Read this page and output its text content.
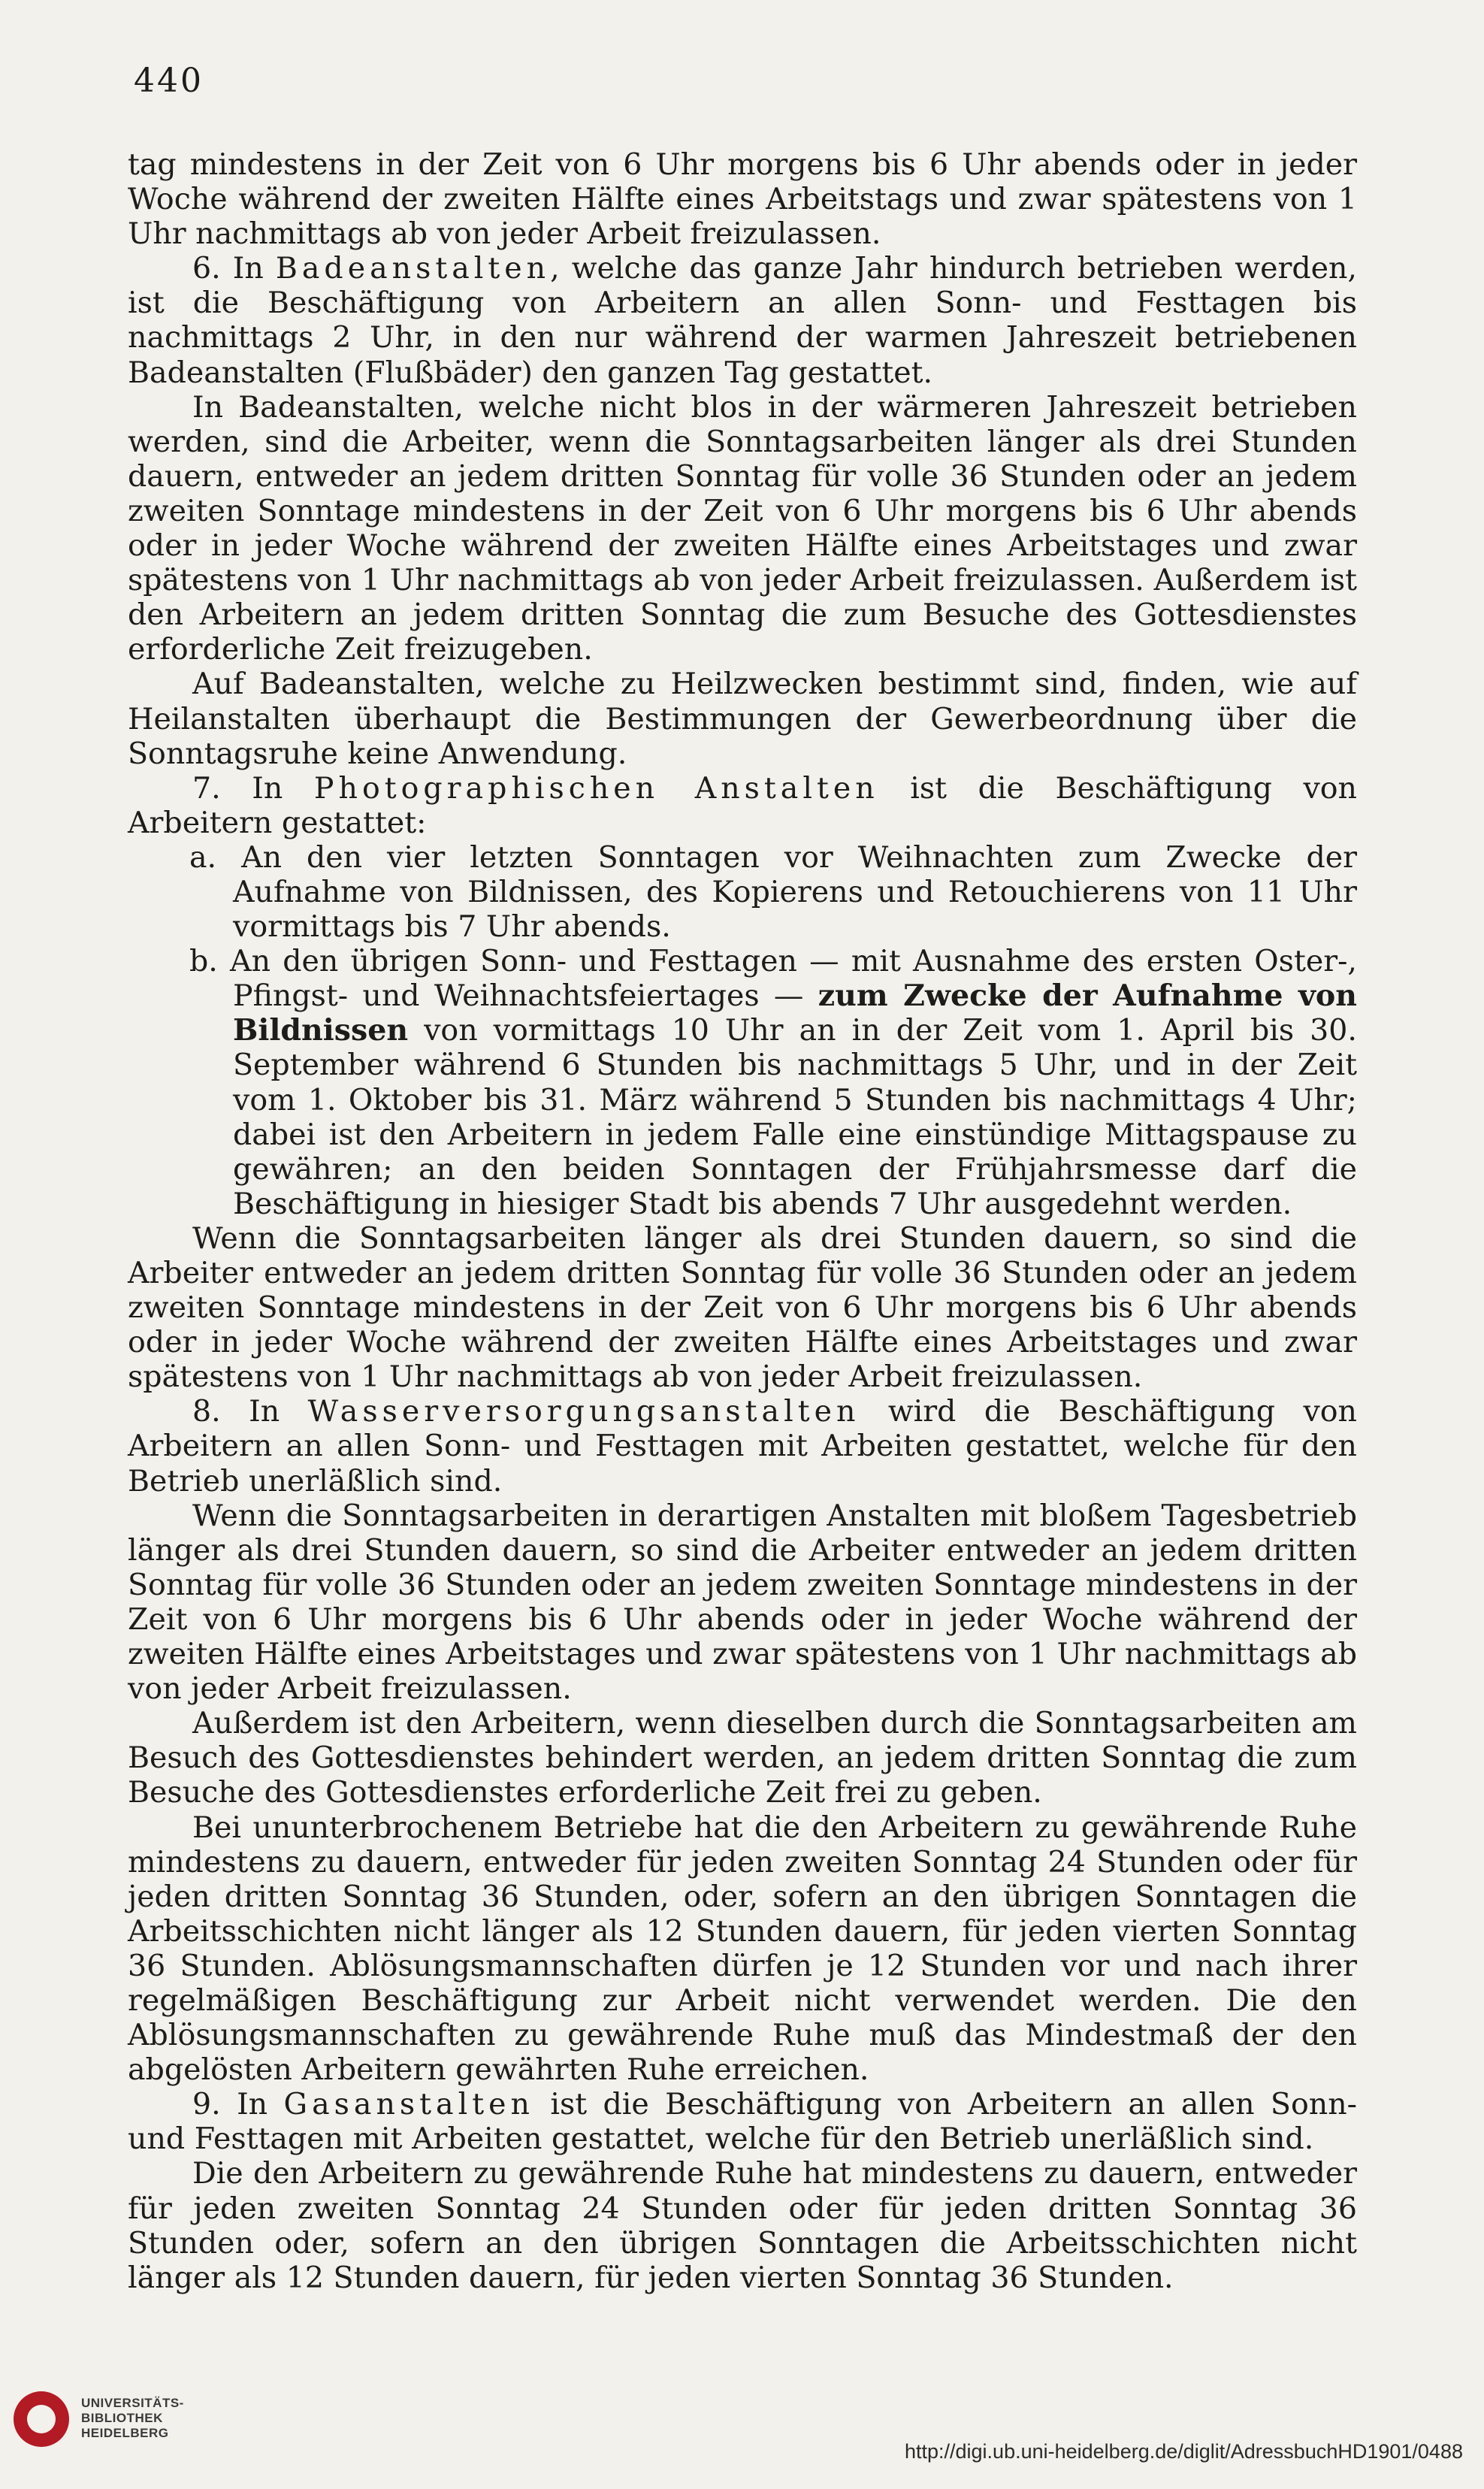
440

tag mindestens in der Zeit von 6 Uhr morgens bis 6 Uhr abends oder in jeder Woche während der zweiten Hälfte eines Arbeitstags und zwar spätestens von 1 Uhr nachmittags ab von jeder Arbeit freizulassen.

6. In Badeanstalten, welche das ganze Jahr hindurch betrieben werden, ist die Beschäftigung von Arbeitern an allen Sonn- und Festtagen bis nachmittags 2 Uhr, in den nur während der warmen Jahreszeit betriebenen Badeanstalten (Flußbäder) den ganzen Tag gestattet.

In Badeanstalten, welche nicht blos in der wärmeren Jahreszeit betrieben werden, sind die Arbeiter, wenn die Sonntagsarbeiten länger als drei Stunden dauern, entweder an jedem dritten Sonntag für volle 36 Stunden oder an jedem zweiten Sonntage mindestens in der Zeit von 6 Uhr morgens bis 6 Uhr abends oder in jeder Woche während der zweiten Hälfte eines Arbeitstages und zwar spätestens von 1 Uhr nachmittags ab von jeder Arbeit freizulassen. Außerdem ist den Arbeitern an jedem dritten Sonntag die zum Besuche des Gottesdienstes erforderliche Zeit freizugeben.

Auf Badeanstalten, welche zu Heilzwecken bestimmt sind, finden, wie auf Heilanstalten überhaupt die Bestimmungen der Gewerbeordnung über die Sonntagsruhe keine Anwendung.

7. In Photographischen Anstalten ist die Beschäftigung von Arbeitern gestattet:

a. An den vier letzten Sonntagen vor Weihnachten zum Zwecke der Aufnahme von Bildnissen, des Kopierens und Retouchierens von 11 Uhr vormittags bis 7 Uhr abends.

b. An den übrigen Sonn- und Festtagen — mit Ausnahme des ersten Oster-, Pfingst- und Weihnachtsfeiertages — zum Zwecke der Aufnahme von Bildnissen von vormittags 10 Uhr an in der Zeit vom 1. April bis 30. September während 6 Stunden bis nachmittags 5 Uhr, und in der Zeit vom 1. Oktober bis 31. März während 5 Stunden bis nachmittags 4 Uhr; dabei ist den Arbeitern in jedem Falle eine einstündige Mittagspause zu gewähren; an den beiden Sonntagen der Frühjahrsmesse darf die Beschäftigung in hiesiger Stadt bis abends 7 Uhr ausgedehnt werden.

Wenn die Sonntagsarbeiten länger als drei Stunden dauern, so sind die Arbeiter entweder an jedem dritten Sonntag für volle 36 Stunden oder an jedem zweiten Sonntage mindestens in der Zeit von 6 Uhr morgens bis 6 Uhr abends oder in jeder Woche während der zweiten Hälfte eines Arbeitstages und zwar spätestens von 1 Uhr nachmittags ab von jeder Arbeit freizulassen.

8. In Wasserversorgungsanstalten wird die Beschäftigung von Arbeitern an allen Sonn- und Festtagen mit Arbeiten gestattet, welche für den Betrieb unerläßlich sind.

Wenn die Sonntagsarbeiten in derartigen Anstalten mit bloßem Tagesbetrieb länger als drei Stunden dauern, so sind die Arbeiter entweder an jedem dritten Sonntag für volle 36 Stunden oder an jedem zweiten Sonntage mindestens in der Zeit von 6 Uhr morgens bis 6 Uhr abends oder in jeder Woche während der zweiten Hälfte eines Arbeitstages und zwar spätestens von 1 Uhr nachmittags ab von jeder Arbeit freizulassen.

Außerdem ist den Arbeitern, wenn dieselben durch die Sonntagsarbeiten am Besuch des Gottesdienstes behindert werden, an jedem dritten Sonntag die zum Besuche des Gottesdienstes erforderliche Zeit frei zu geben.

Bei ununterbrochenem Betriebe hat die den Arbeitern zu gewährende Ruhe mindestens zu dauern, entweder für jeden zweiten Sonntag 24 Stunden oder für jeden dritten Sonntag 36 Stunden, oder, sofern an den übrigen Sonntagen die Arbeitsschichten nicht länger als 12 Stunden dauern, für jeden vierten Sonntag 36 Stunden. Ablösungsmannschaften dürfen je 12 Stunden vor und nach ihrer regelmäßigen Beschäftigung zur Arbeit nicht verwendet werden. Die den Ablösungsmannschaften zu gewährende Ruhe muß das Mindestmaß der den abgelösten Arbeitern gewährten Ruhe erreichen.

9. In Gasanstalten ist die Beschäftigung von Arbeitern an allen Sonn- und Festtagen mit Arbeiten gestattet, welche für den Betrieb unerläßlich sind.

Die den Arbeitern zu gewährende Ruhe hat mindestens zu dauern, entweder für jeden zweiten Sonntag 24 Stunden oder für jeden dritten Sonntag 36 Stunden oder, sofern an den übrigen Sonntagen die Arbeitsschichten nicht länger als 12 Stunden dauern, für jeden vierten Sonntag 36 Stunden.

UNIVERSITÄTS-
BIBLIOTHEK
HEIDELBERG
http://digi.ub.uni-heidelberg.de/diglit/AdressbuchHD1901/0488
